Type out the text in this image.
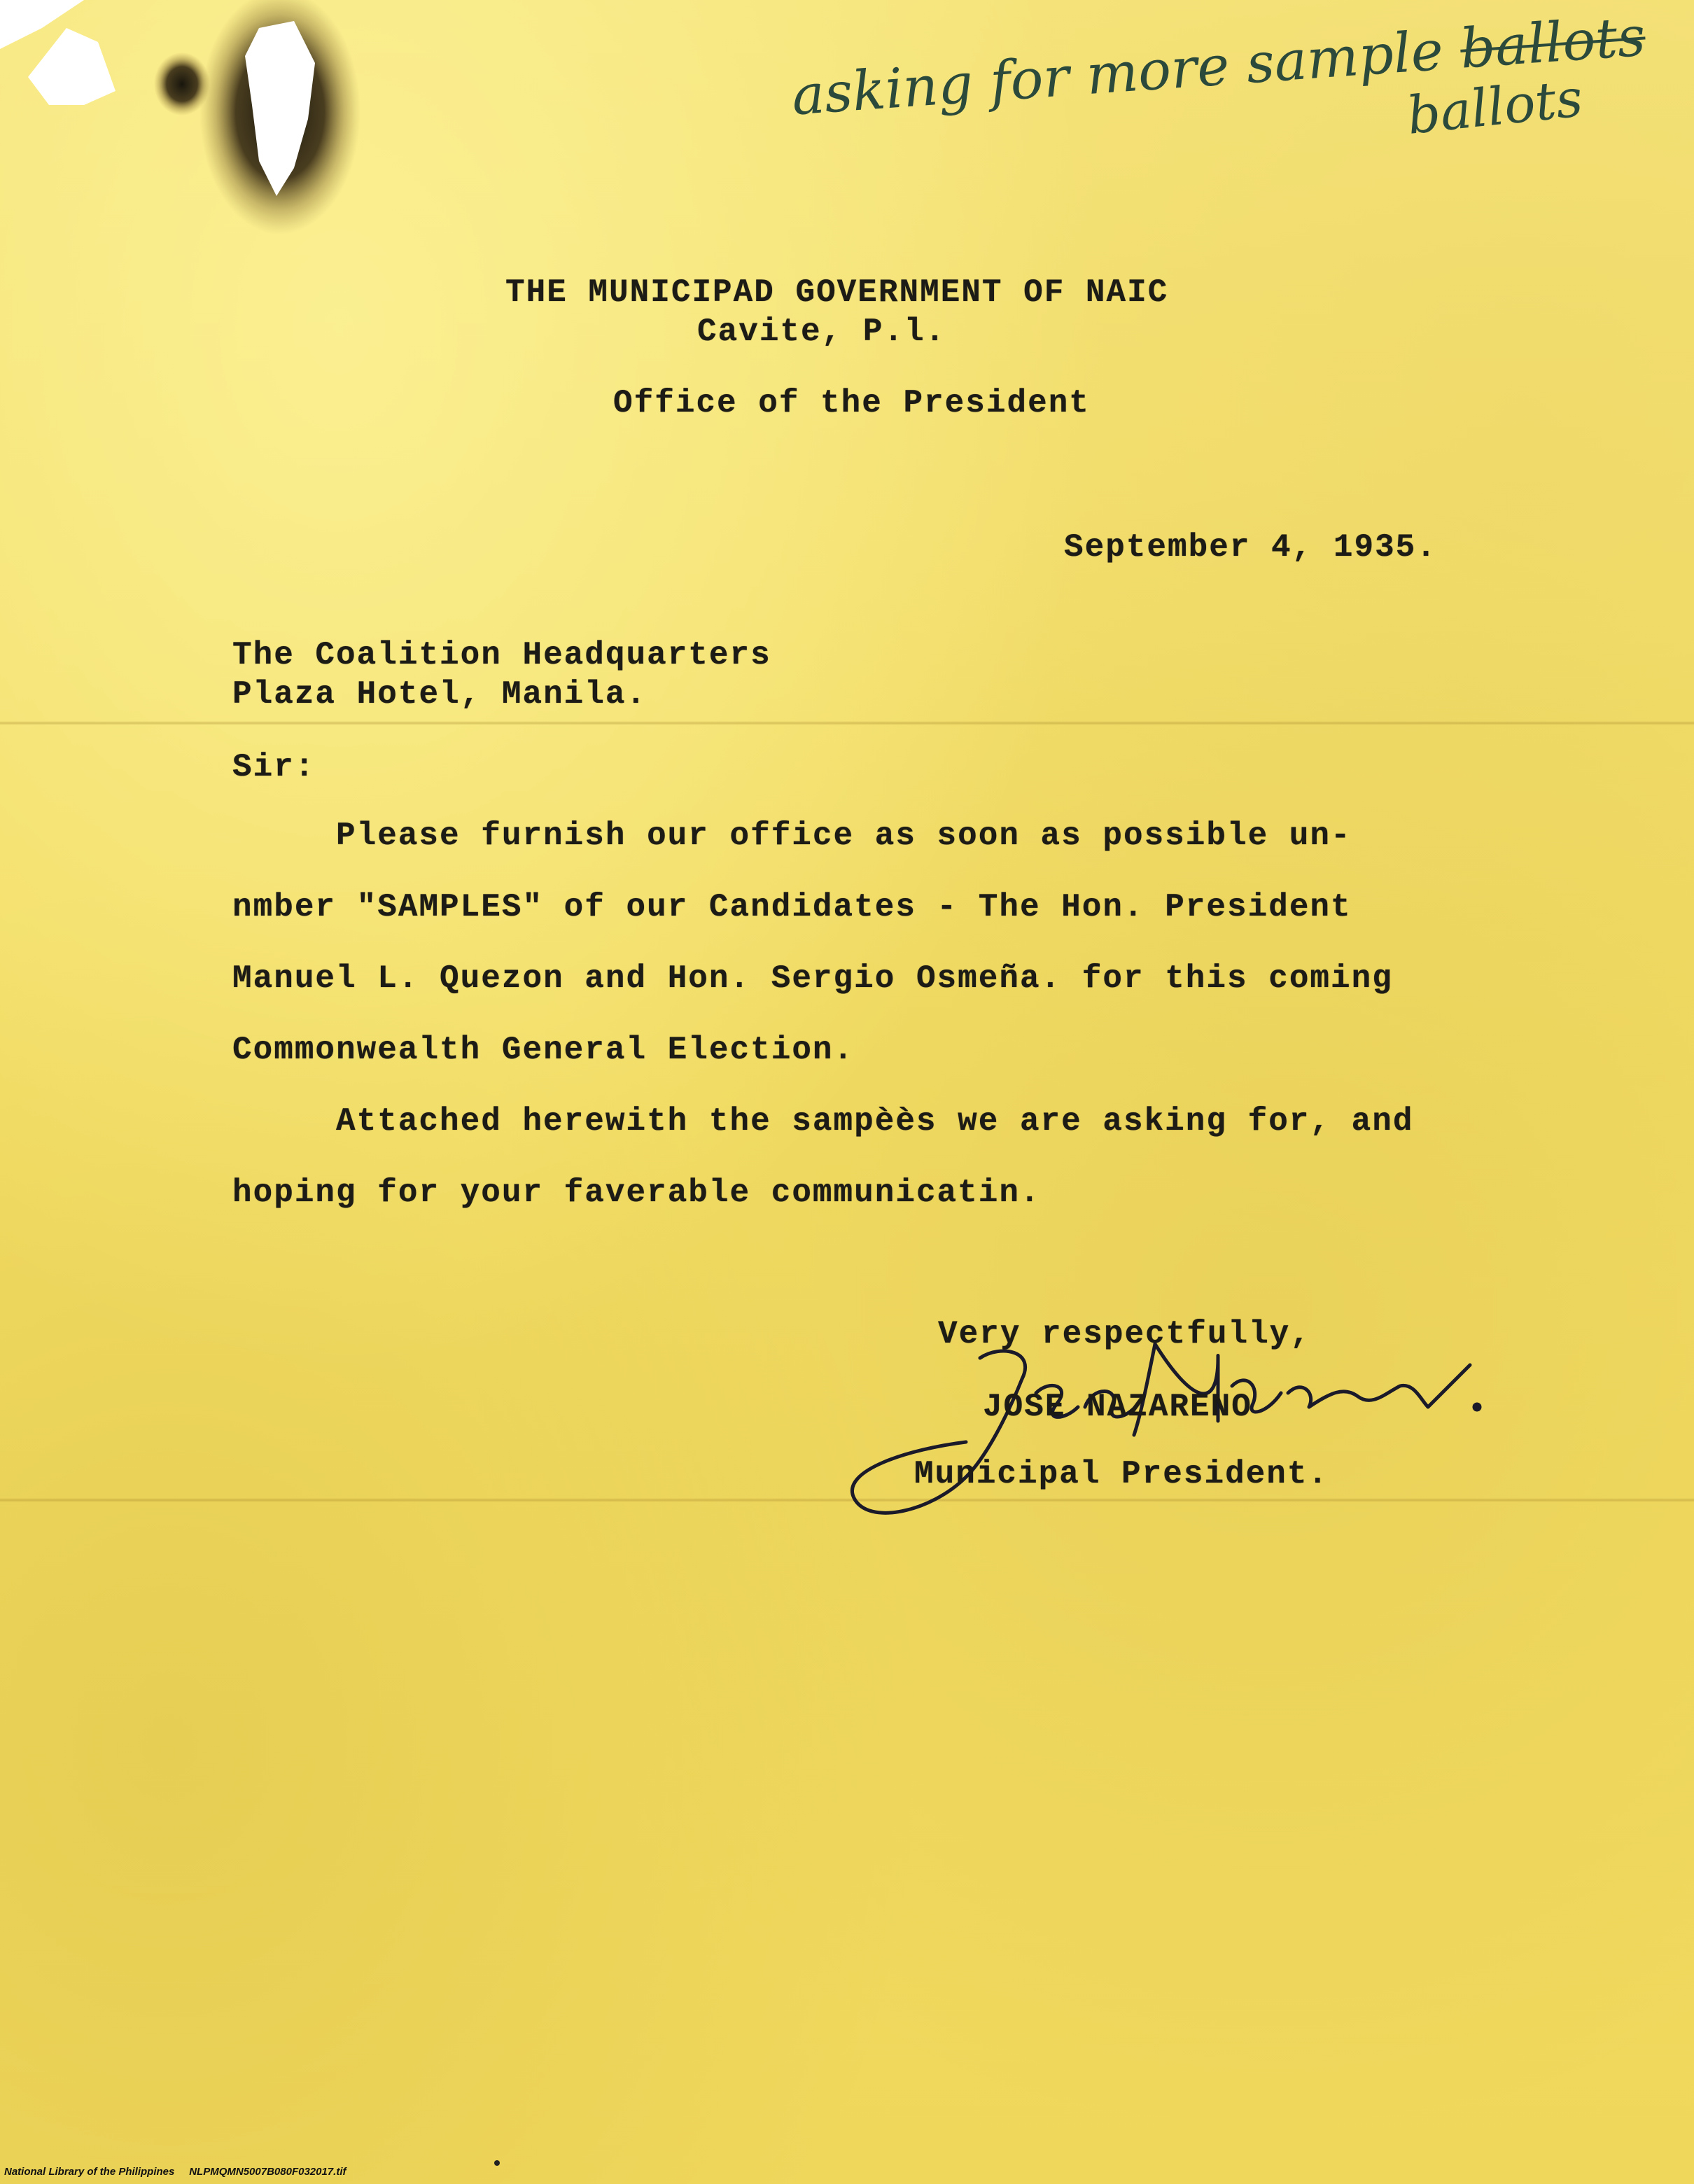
asking for more sample ballots
ballots
THE MUNICIPAD GOVERNMENT OF NAIC
Cavite, P.l.
Office of the President
September 4, 1935.
The Coalition Headquarters
Plaza Hotel, Manila.
Sir:
Please furnish our office as soon as possible un-
nmber "SAMPLES" of our Candidates - The Hon. President
Manuel L. Quezon and Hon. Sergio Osmeña. for this coming
Commonwealth General Election.
Attached herewith the sampèès we are asking for, and
hoping for your faverable communicatin.
Very respectfully,
JOSE NAZARENO
Municipal President.
National Library of the Philippines NLPMQMN5007B080F032017.tif
